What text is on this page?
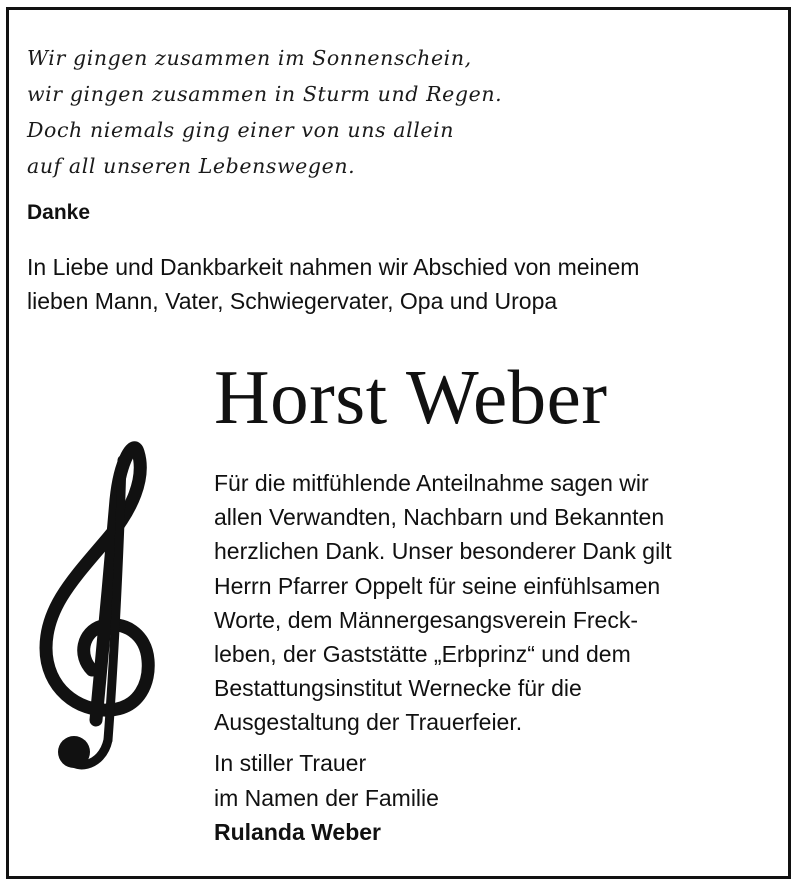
Wir gingen zusammen im Sonnenschein,
wir gingen zusammen in Sturm und Regen.
Doch niemals ging einer von uns allein
auf all unseren Lebenswegen.
Danke
In Liebe und Dankbarkeit nahmen wir Abschied von meinem lieben Mann, Vater, Schwiegervater, Opa und Uropa
Horst Weber
Für die mitfühlende Anteilnahme sagen wir
allen Verwandten, Nachbarn und Bekannten
herzlichen Dank. Unser besonderer Dank gilt
Herrn Pfarrer Oppelt für seine einfühlsamen
Worte, dem Männergesangsverein Freck-
leben, der Gaststätte „Erbprinz“ und dem
Bestattungsinstitut Wernecke für die
Ausgestaltung der Trauerfeier.
In stiller Trauer
im Namen der Familie
Rulanda Weber
